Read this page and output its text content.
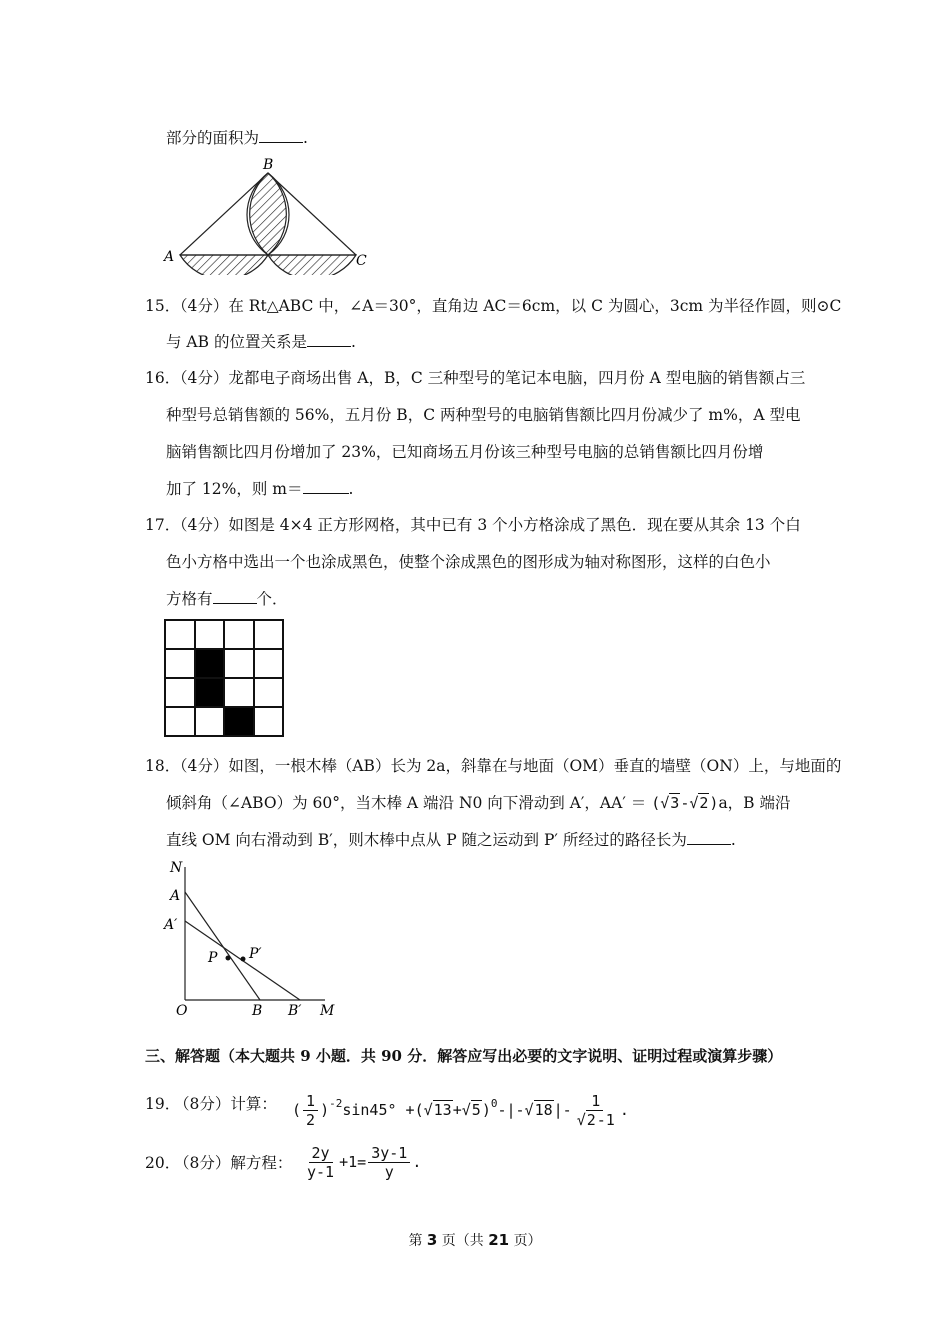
部分的面积为	.
B
A	C
15．
（4分）在 Rt△ABC 中，∠A＝30°，直角边 AC＝6cm，以 C 为圆心，3cm 为半径作圆，则⊙C
与 AB 的位置关系是	.
16．
（4分）龙都电子商场出售 A，B，C 三种型号的笔记本电脑，四月份 A 型电脑的销售额占三
种型号总销售额的 56%，五月份 B，C 两种型号的电脑销售额比四月份减少了 m%，A 型电
脑销售额比四月份增加了 23%，已知商场五月份该三种型号电脑的总销售额比四月份增
加了 12%，则 m＝	.
17．
（4分）如图是 4×4 正方形网格，其中已有 3 个小方格涂成了黑色．现在要从其余 13 个白
色小方格中选出一个也涂成黑色，使整个涂成黑色的图形成为轴对称图形，这样的白色小
方格有	个．
18．
（4分）如图，一根木棒（AB）长为 2a，斜靠在与地面（OM）垂直的墙壁（ON）上，与地面的
倾斜角（∠ABO）为 60°，当木棒 A 端沿 N0 向下滑动到 A′，AA′ ＝ (√3-√2)a，B 端沿
直线 OM 向右滑动到 B′，则木棒中点从 P 随之运动到 P′ 所经过的路径长为	.
N
A
A′
P P′
O	B B′ M
三、解答题（本大题共 9 小题．共 90 分．解答应写出必要的文字说明、证明过程或演算步骤）
19．
（8分）计算： ( $\frac{1}{2} )^{-2}\sin 45^\circ +(√13+√5)^0-|-√18|- \frac{1}{√2-1}$ .
20．
（8分）解方程： $\frac{2y}{y-1} +1= \frac{3y-1}{y}$ .
第 3 页（共 21 页）
